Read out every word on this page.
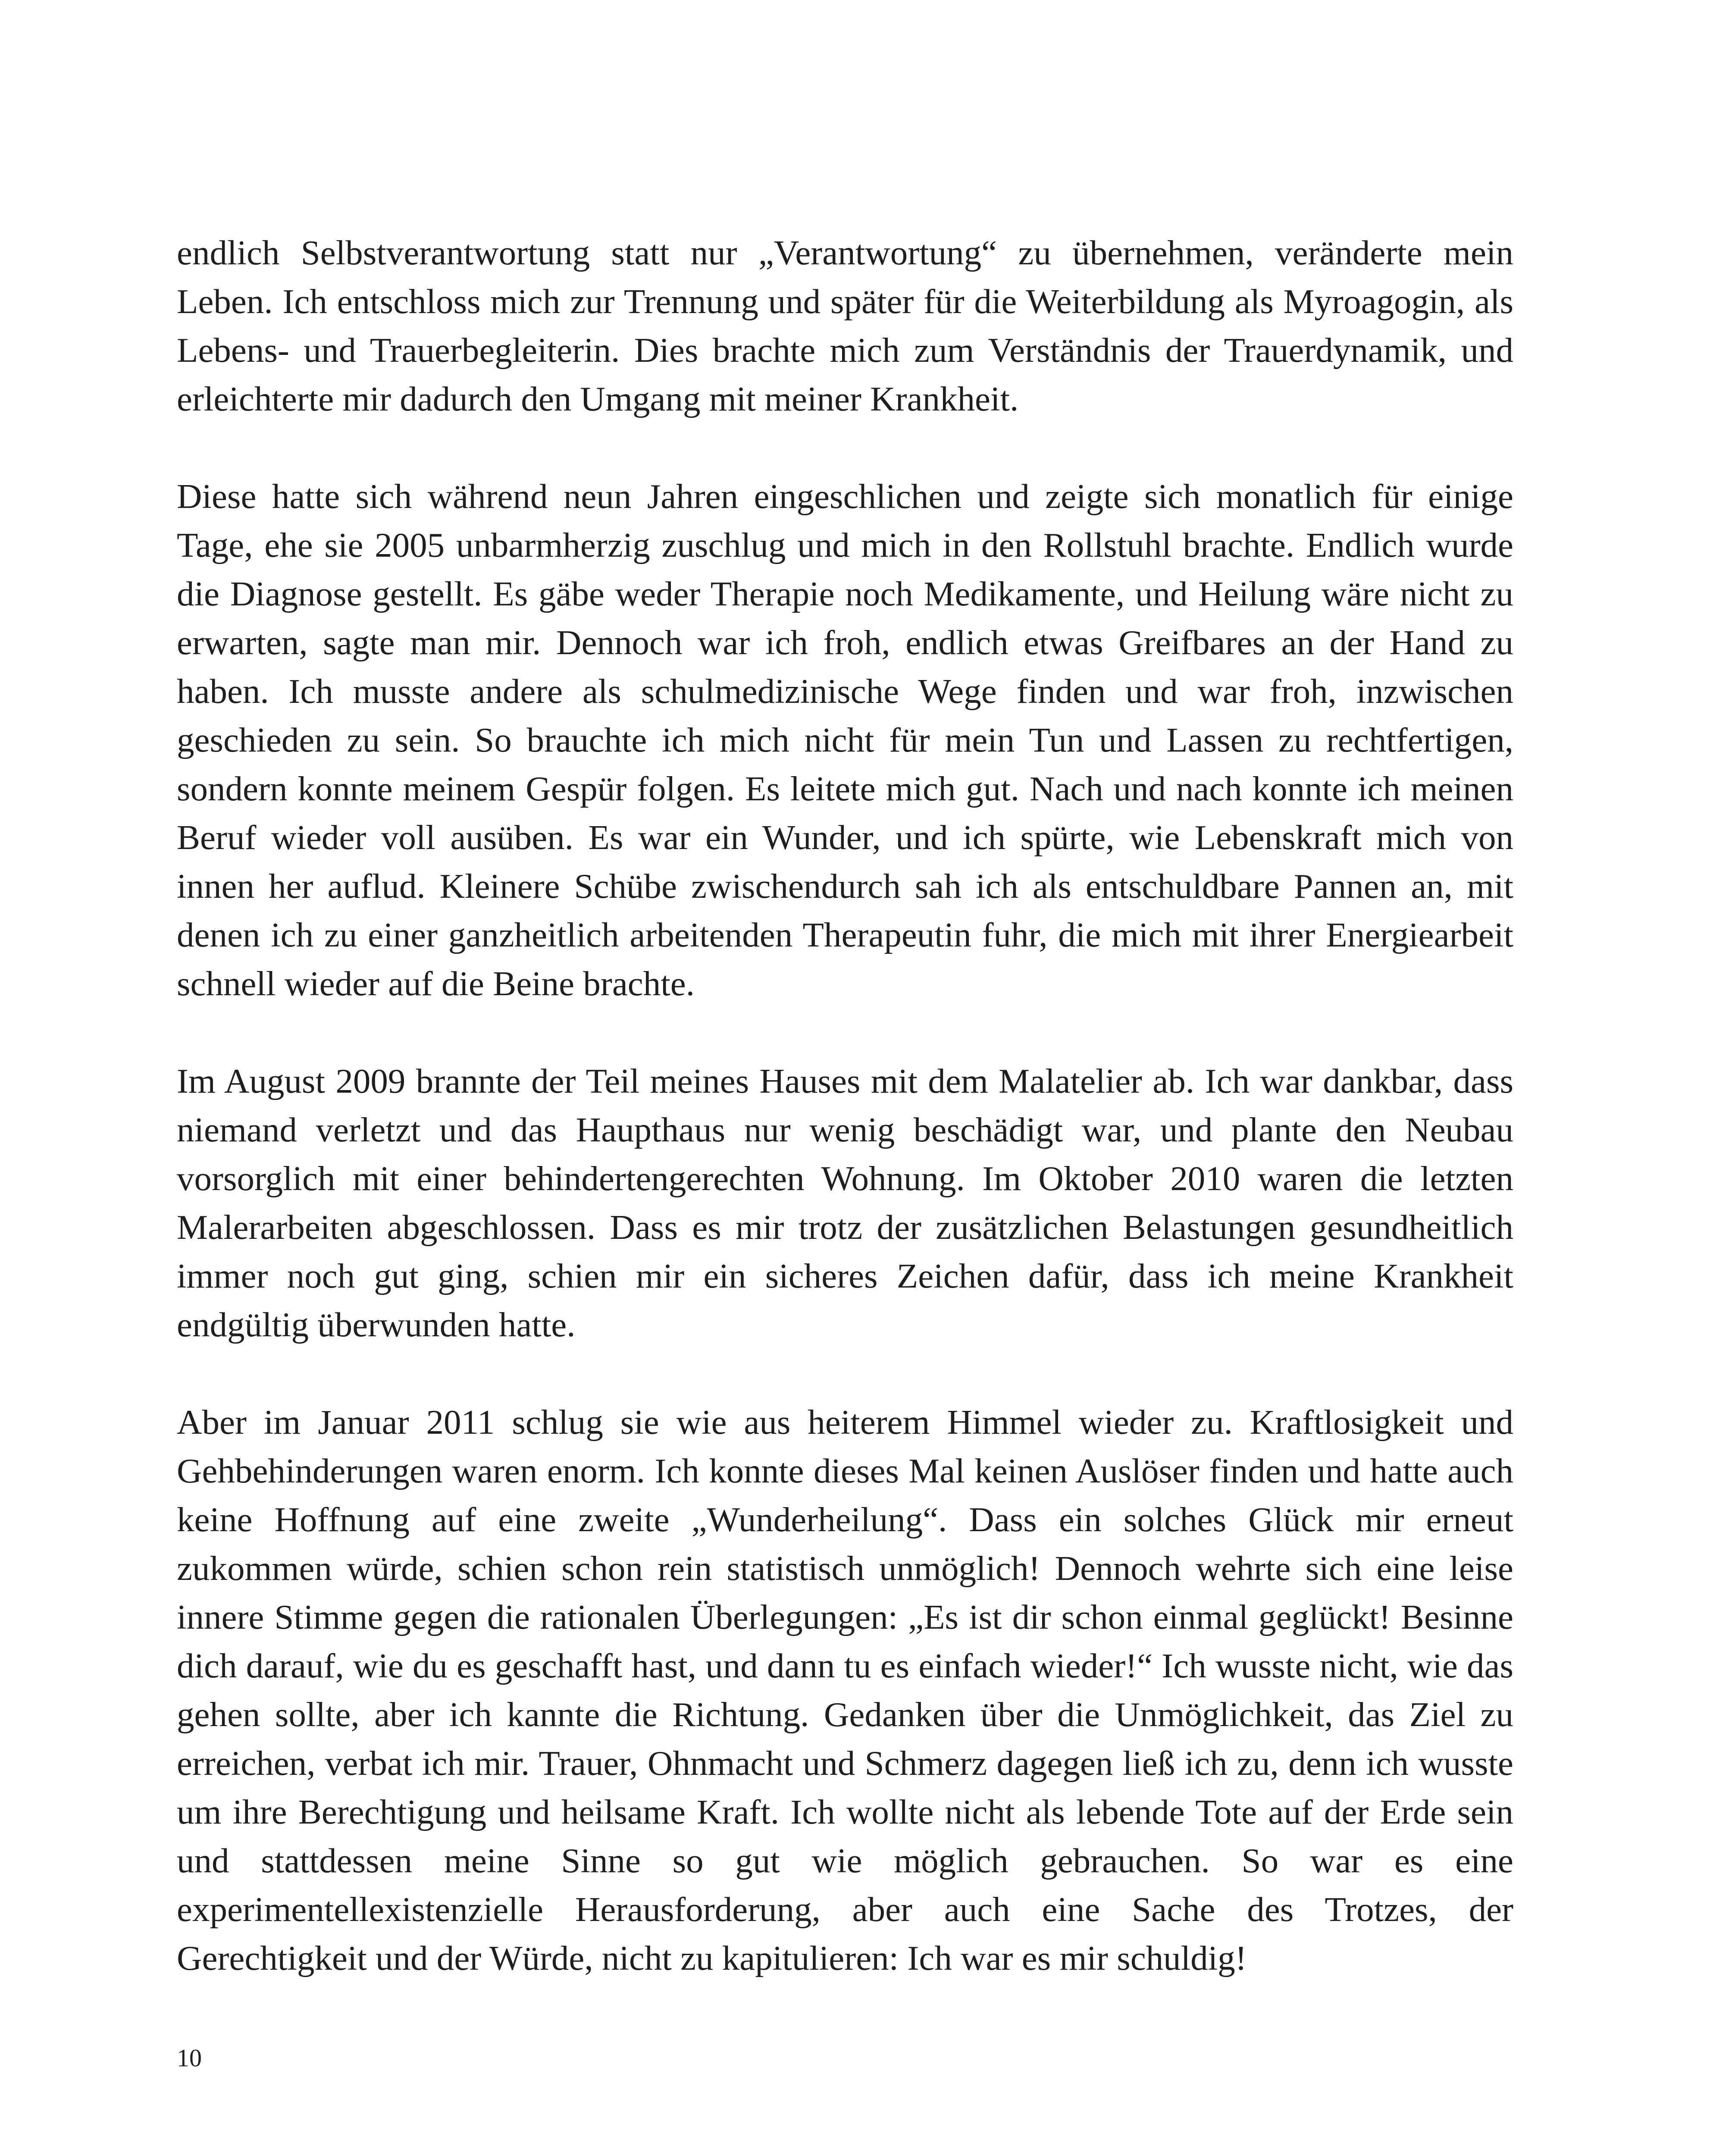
endlich Selbstverantwortung statt nur „Verantwortung“ zu übernehmen, veränderte mein Leben. Ich entschloss mich zur Trennung und später für die Weiterbildung als Myroagogin, als Lebens- und Trauerbegleiterin. Dies brachte mich zum Verständnis der Trauerdynamik, und erleichterte mir dadurch den Umgang mit meiner Krankheit.

Diese hatte sich während neun Jahren eingeschlichen und zeigte sich monatlich für einige Tage, ehe sie 2005 unbarmherzig zuschlug und mich in den Rollstuhl brachte. Endlich wurde die Diagnose gestellt. Es gäbe weder Therapie noch Medikamente, und Heilung wäre nicht zu erwarten, sagte man mir. Dennoch war ich froh, endlich etwas Greifbares an der Hand zu haben. Ich musste andere als schulmedizinische Wege finden und war froh, inzwischen geschieden zu sein. So brauchte ich mich nicht für mein Tun und Lassen zu rechtfertigen, sondern konnte meinem Gespür folgen. Es leitete mich gut. Nach und nach konnte ich meinen Beruf wieder voll ausüben. Es war ein Wunder, und ich spürte, wie Lebenskraft mich von innen her auflud. Kleinere Schübe zwischendurch sah ich als entschuldbare Pannen an, mit denen ich zu einer ganzheitlich arbeitenden Therapeutin fuhr, die mich mit ihrer Energiearbeit schnell wieder auf die Beine brachte.

Im August 2009 brannte der Teil meines Hauses mit dem Malatelier ab. Ich war dankbar, dass niemand verletzt und das Haupthaus nur wenig beschädigt war, und plante den Neubau vorsorglich mit einer behindertengerechten Wohnung. Im Oktober 2010 waren die letzten Malerarbeiten abgeschlossen. Dass es mir trotz der zusätzlichen Belastungen gesundheitlich immer noch gut ging, schien mir ein sicheres Zeichen dafür, dass ich meine Krankheit endgültig überwunden hatte.

Aber im Januar 2011 schlug sie wie aus heiterem Himmel wieder zu. Kraftlosigkeit und Gehbehinderungen waren enorm. Ich konnte dieses Mal keinen Auslöser finden und hatte auch keine Hoffnung auf eine zweite „Wunderheilung“. Dass ein solches Glück mir erneut zukommen würde, schien schon rein statistisch unmöglich! Dennoch wehrte sich eine leise innere Stimme gegen die rationalen Überlegungen: „Es ist dir schon einmal geglückt! Besinne dich darauf, wie du es geschafft hast, und dann tu es einfach wieder!“ Ich wusste nicht, wie das gehen sollte, aber ich kannte die Richtung. Gedanken über die Unmöglichkeit, das Ziel zu erreichen, verbat ich mir. Trauer, Ohnmacht und Schmerz dagegen ließ ich zu, denn ich wusste um ihre Berechtigung und heilsame Kraft. Ich wollte nicht als lebende Tote auf der Erde sein und stattdessen meine Sinne so gut wie möglich gebrauchen. So war es eine experimentellexistenzielle Herausforderung, aber auch eine Sache des Trotzes, der Gerechtigkeit und der Würde, nicht zu kapitulieren: Ich war es mir schuldig!

10
